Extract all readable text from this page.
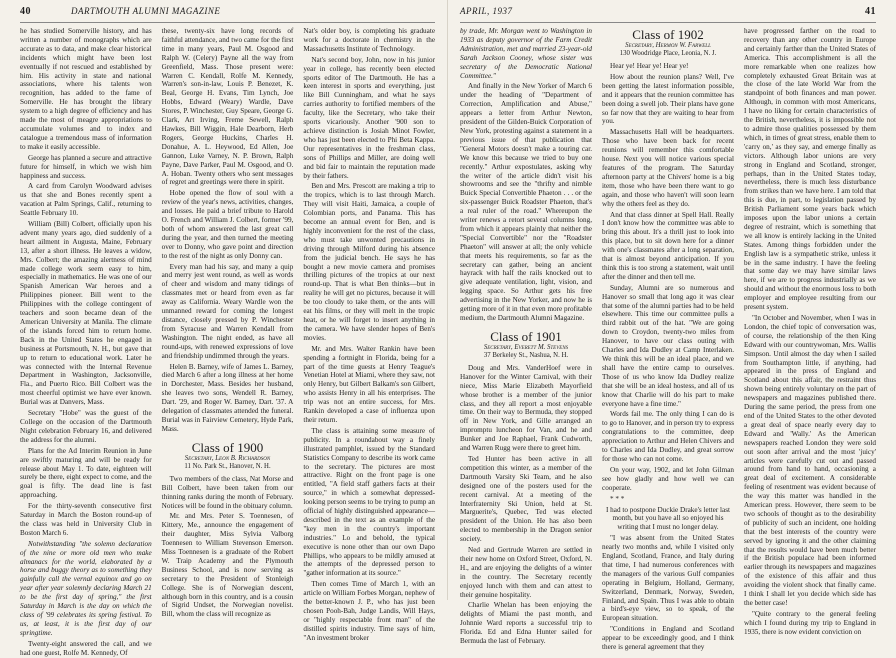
40	DARTMOUTH ALUMNI MAGAZINE

he has studied Somerville history, and has written a number of monographs which are accurate as to data, and make clear historical incidents which might have been lost eventually if not rescued and established by him. His activity in state and national associations, where his talents won recognition, has added to the fame of Somerville. He has brought the library system to a high degree of efficiency and has made the most of meagre appropriations to accumulate volumes and to index and catalogue a tremendous mass of information to make it easily accessible.

George has planned a secure and attractive future for himself, in which we wish him happiness and success.

A card from Carolyn Woodward advises us that she and Bones recently spent a vacation at Palm Springs, Calif., returning to Seattle February 10.

William (Bill) Colbert, officially upon his advent many years ago, died suddenly of a heart ailment in Augusta, Maine, February 13, after a short illness. He leaves a widow, Mrs. Colbert; the amazing alertness of mind made college work seem easy to him, especially in mathematics. He was one of our Spanish American War heroes and a Philippines pioneer. Bill went to the Philippines with the college contingent of teachers and soon became dean of the American University at Manila. The climate of the islands forced him to return home. Back in the United States he engaged in business at Portsmouth, N. H., but gave that up to return to educational work. Later he was connected with the Internal Revenue Department in Washington, Jacksonville, Fla., and Puerto Rico. Bill Colbert was the most cheerful optimist we have ever known. Burial was at Danvers, Mass.

Secretary "Hobe" was the guest of the College on the occasion of the Dartmouth Night celebration February 16, and delivered the address for the alumni.

Plans for the Ad Interim Reunion in June are swiftly maturing and will be ready for release about May 1. To date, eighteen will surely be there, eight expect to come, and the goal is fifty. The dead line is fast approaching.

For the thirty-seventh consecutive first Saturday in March the Boston round-up of the class was held in University Club in Boston March 6.

Notwithstanding "the solemn declaration of the nine or more old men who make almanacs for the world, elaborated by a horse and buggy theory as to something they gainfully call the vernal equinox and go on year after year solemnly declaring March 21 to be the first day of spring," the first Saturday in March is the day on which the class of '99 celebrates its spring festival. To us, at least, it is the first day of our springtime.

Twenty-eight answered the call, and we had one guest, Rolfe M. Kennedy, Of

these, twenty-six have long records of faithful attendance, and two came for the first time in many years, Paul M. Osgood and Ralph W. (Celery) Payne all the way from Greenfield, Mass. Those present were: Warren C. Kendall, Rolfe M. Kennedy, Warren's son-in-law, Louis P. Benezet, K. Beal, George H. Evans, Tim Lynch, Joe Hobbs, Edward (Weary) Wardle, Dave Stores, P. Winchester, Guy Speare, George G. Clark, Art Irving, Freme Sewell, Ralph Hawkes, Bill Wiggin, Hale Dearborn, Herb Rogers, George Huckins, Charles H. Donahue, A. L. Heywood, Ed Allen, Joe Gannon, Luke Varney, N. P. Brown, Ralph Payne, Dave Parker, Paul M. Osgood, and O. A. Hoban. Twenty others who sent messages of regret and greetings were there in spirit.

Hobe opened the flow of soul with a review of the year's news, activities, changes, and losses. He paid a brief tribute to Harold O. French and William J. Colbert, former '99, both of whom answered the last great call during the year, and then turned the meeting over to Donny, who gave point and direction to the rest of the night as only Donny can.

Every man had his say, and many a quip and merry jest went round, as well as words of cheer and wisdom and many tidings of classmates met or heard from even as far away as California. Weary Wardle won the unmanned reward for coming the longest distance, closely pressed by P. Winchester from Syracuse and Warren Kendall from Washington. The night ended, as have all round-ups, with renewed expressions of love and friendship undimmed through the years.

Helen B. Barney, wife of James L. Barney, died March 6 after a long illness at her home in Dorchester, Mass. Besides her husband, she leaves two sons, Wendell R. Barney, Dart. '29, and Roger W. Barney, Dart. '37. A delegation of classmates attended the funeral. Burial was in Fairview Cemetery, Hyde Park, Mass.

Class of 1900
Secretary, Leon B. Richardson
11 No. Park St., Hanover, N. H.

Two members of the class, Nat Morse and Bill Colbert, have been taken from our thinning ranks during the month of February. Notices will be found in the obituary column.

Mr. and Mrs. Peter S. Toennesen, of Kittery, Me., announce the engagement of their daughter, Miss Sylvia Valborg Toennesen to William Stevenson Emerson. Miss Toennesen is a graduate of the Robert W. Traip Academy and the Plymouth Business School, and is now serving as secretary to the President of Stonleigh College. She is of Norwegian descent, although born in this country, and is a cousin of Sigrid Undset, the Norwegian novelist. Bill, whom the class will recognize as

Nat's older boy, is completing his graduate work for a doctorate in chemistry in the Massachusetts Institute of Technology.

Nat's second boy, John, now in his junior year in college, has recently been elected sports editor of The Dartmouth. He has a keen interest in sports and everything, just like Bill Cunningham, and what he says carries authority to fortified members of the faculty, like the Secretary, who take their sports vicariously. Another '900 son to achieve distinction is Josiah Minot Fowler, who has just been elected to Phi Beta Kappa. Our representatives in the freshman class, sons of Phillips and Miller, are doing well and bid fair to maintain the reputation made by their fathers.

Ben and Mrs. Prescott are making a trip to the tropics, which is to last through March. They will visit Haiti, Jamaica, a couple of Colombian ports, and Panama. This has become an annual event for Ben, and is highly inconvenient for the rest of the class, who must take unwonted precautions in driving through Milford during his absence from the judicial bench. He says he has bought a new movie camera and promises thrilling pictures of the tropics at our next round-up. That is what Ben thinks—but in reality he will get no pictures, because it will be too cloudy to take them, or the ants will eat his films, or they will melt in the tropic heat, or he will forget to insert anything in the camera. We have slender hopes of Ben's movies.

Mr. and Mrs. Walter Rankin have been spending a fortnight in Florida, being for a part of the time guests at Henry Teague's Venetian Hotel at Miami, where they saw, not only Henry, but Gilbert Balkam's son Gilbert, who assists Henry in all his enterprises. The trip was not an entire success, for Mrs. Rankin developed a case of influenza upon their return.

The class is attaining some measure of publicity. In a roundabout way a finely illustrated pamphlet, issued by the Standard Statistics Company to describe its work came to the secretary. The pictures are most attractive. Right on the front page is one entitled, "A field staff gathers facts at their source," in which a somewhat depressed-looking person seems to be trying to pump an official of highly distinguished appearance—described in the text as an example of the "key men in the country's important industries." Lo and behold, the typical executive is none other than our own Dapo Phillips, who appears to be mildly amused at the attempts of the depressed person to "gather information at its source."

Then comes Time of March 1, with an article on William Forbes Morgan, nephew of the better-known J. P., who has just been chosen Pooh-Bah, Judge Landis, Will Hays, or "highly respectable front man" of the distilled spirits industry. Time says of him, "An investment broker

APRIL, 1937	41

by trade, Mr. Morgan went to Washington in 1933 as deputy governor of the Farm Credit Administration, met and married 23-year-old Sarah Jackson Cooney, whose sister was secretary of the Democratic National Committee."

And finally in the New Yorker of March 6 under the heading of "Department of Correction, Amplification and Abuse," appears a letter from Arthur Newton, president of the Gilden-Buick Corporation of New York, protesting against a statement in a previous issue of that publication that "General Motors doesn't make a touring car. We know this because we tried to buy one recently." Arthur expostulates, asking why the writer of the article didn't visit his showrooms and see the "thrifty and nimble Buick Special Convertible Phaeton . . . or the six-passenger Buick Roadster Phaeton, that's a real ruler of the road." Whereupon the writer renews a retort several columns long, from which it appears plainly that neither the "Special Convertible" nor the "Roadster Phaeton" will answer at all; the only vehicle that meets his requirements, so far as the secretary can gather, being an ancient hayrack with half the rails knocked out to give adequate ventilation, light, vision, and legging space. So Arthur gets his free advertising in the New Yorker, and now he is getting more of it in that even more profitable medium, the Dartmouth Alumni Magazine.

Class of 1901
Secretary, Everett M. Stevens
37 Berkeley St., Nashua, N. H.

Doug and Mrs. VanderHoef were in Hanover for the Winter Carnival, with their niece, Miss Marie Elizabeth Mayorfield whose brother is a member of the junior class, and they all report a most enjoyable time. On their way to Bermuda, they stopped off in New York, and Gille arranged an impromptu luncheon for Van, and he and Bunker and Joe Raphael, Frank Cudworth, and Warren Rugg were there to greet him.

Ted Hunter has been active in all competition this winter, as a member of the Dartmouth Varsity Ski Team, and he also designed one of the posters used for the recent carnival. At a meeting of the Interfraternity Ski Union, held at St. Marguerite's, Quebec, Ted was elected president of the Union. He has also been elected to membership in the Dragon senior society.

Ned and Gertrude Warren are settled in their new home on Oxford Street, Oxford, N. H., and are enjoying the delights of a winter in the country. The Secretary recently enjoyed lunch with them and can attest to their genuine hospitality.

Charlie Whelan has been enjoying the delights of Miami the past month, and Johnnie Ward reports a successful trip to Florida. Ed and Edna Hunter sailed for Bermuda the last of February.

Class of 1902
Secretary, Hermon W. Farwell
130 Woodridge Place, Leonia, N. J.

Hear ye! Hear ye! Hear ye!

How about the reunion plans? Well, I've been getting the latest information possible, and it appears that the reunion committee has been doing a swell job. Their plans have gone so far now that they are waiting to hear from you.

Massachusetts Hall will be headquarters. Those who have been back for recent reunions will remember this comfortable house. Next you will notice various special features of the program. The Saturday afternoon party at the Chivers' home is a big item, those who have been there want to go again, and those who haven't will soon learn why the others feel as they do.

And that class dinner at Spell Hall. Really I don't know how the committee was able to bring this about. It's a thrill just to look into this place, but to sit down here for a dinner with one's classmates after a long separation, that is almost beyond anticipation. If you think this is too strong a statement, wait until after the dinner and then tell me.

Sunday, Alumni are so numerous and Hanover so small that long ago it was clear that some of the alumni parties had to be held elsewhere. This time our committee pulls a third rabbit out of the hat. "We are going down to Croydon, twenty-two miles from Hanover, to have our class outing with Charles and Ida Dudley at Camp Interlaken. We think this will be an ideal place, and we shall have the entire camp to ourselves. Those of us who know Ida Dudley realize that she will be an ideal hostess, and all of us know that Charlie will do his part to make everyone have a fine time."

Words fail me. The only thing I can do is to go to Hanover, and in person try to express congratulations to the committee, deep appreciation to Arthur and Helen Chivers and to Charles and Ida Dudley, and great sorrow for those who can not come.

On your way, 1902, and let John Gilman see how gladly and how well we can cooperate.

* * *

I had to postpone Duckie Drake's letter last month, but you have all so enjoyed his writing that I must no longer delay.

"I was absent from the United States nearly two months and, while I visited only England, Scotland, France, and Italy during that time, I had numerous conferences with the managers of the various Gulf companies operating in Belgium, Holland, Germany, Switzerland, Denmark, Norway, Sweden, Finland, and Spain. Thus I was able to obtain a bird's-eye view, so to speak, of the European situation.

"Conditions in England and Scotland appear to be exceedingly good, and I think there is general agreement that they

have progressed farther on the road to recovery than any other country in Europe and certainly farther than the United States of America. This accomplishment is all the more remarkable when one realizes how completely exhausted Great Britain was at the close of the late World War from the standpoint of both finances and man power. Although, in common with most Americans, I have no liking for certain characteristics of the British, nevertheless, it is impossible not to admire those qualities possessed by them which, in times of great stress, enable them to 'carry on,' as they say, and emerge finally as victors. Although labor unions are very strong in England and Scotland, stronger, perhaps, than in the United States today, nevertheless, there is much less disturbance from strikes than we have here. I am told that this is due, in part, to legislation passed by British Parliament some years back which imposes upon the labor unions a certain degree of restraint, which is something that we all know is entirely lacking in the United States. Among things forbidden under the English law is a sympathetic strike, unless it be in the same industry. I have the feeling that some day we may have similar laws here, if we are to progress industrially as we should and without the enormous loss to both employer and employee resulting from our present system.

"In October and November, when I was in London, the chief topic of conversation was, of course, the relationship of the then King Edward with our countrywoman, Mrs. Wallis Simpson. Until almost the day when I sailed from Southampton little, if anything, had appeared in the press of England and Scotland about this affair, the restraint thus shown being entirely voluntary on the part of newspapers and magazines published there. During the same period, the press from one end of the United States to the other devoted a great deal of space nearly every day to Edward and 'Wally.' As the American newspapers reached London they were sold out soon after arrival and the most 'juicy' articles were carefully cut out and passed around from hand to hand, occasioning a great deal of excitement. A considerable feeling of resentment was evident because of the way this matter was handled in the American press. However, there seem to be two schools of thought as to the desirability of publicity of such an incident, one holding that the best interests of the country were served by ignoring it and the other claiming that the results would have been much better if the British populace had been informed earlier through its newspapers and magazines of the existence of this affair and thus avoiding the violent shock that finally came. I think I shall let you decide which side has the better case!

"Quite contrary to the general feeling which I found during my trip to England in 1935, there is now evident conviction on
